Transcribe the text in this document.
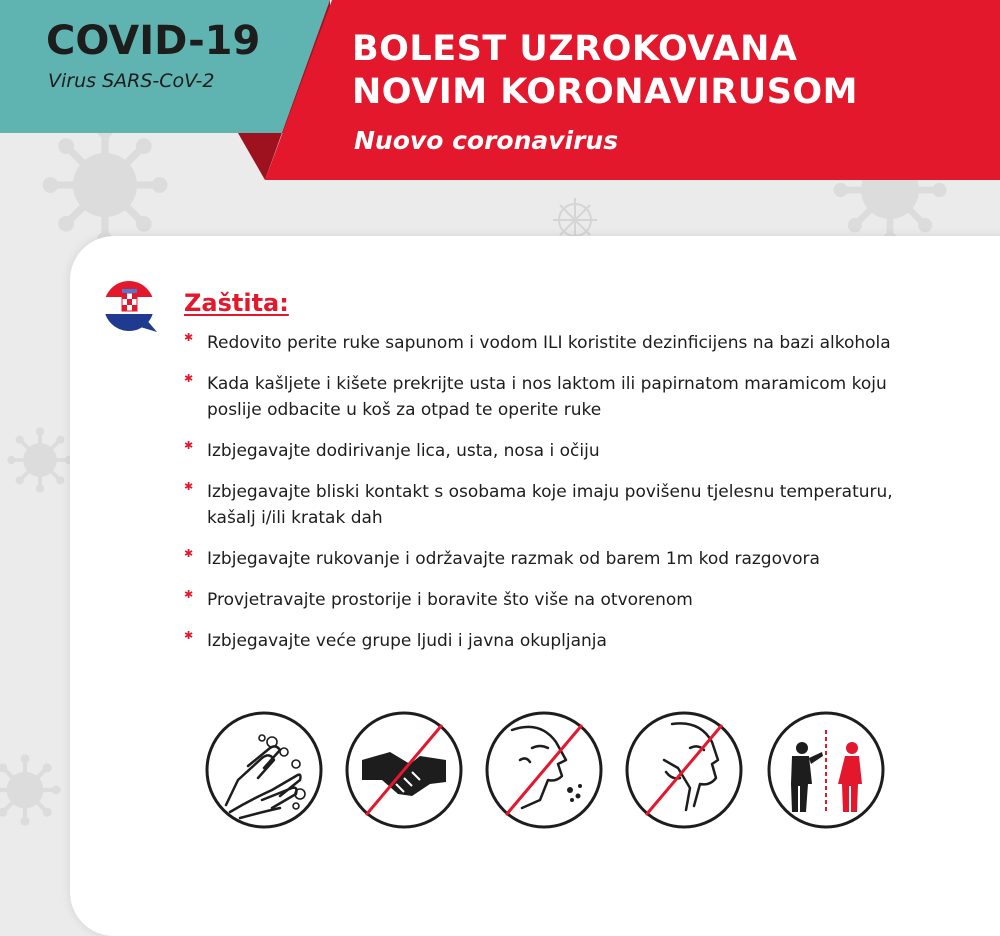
COVID-19
Virus SARS-CoV-2
BOLEST UZROKOVANA
NOVIM KORONAVIRUSOM
Nuovo coronavirus
Zaštita:
✱ Redovito perite ruke sapunom i vodom ILI koristite dezinficijens na bazi alkohola
✱ Kada kašljete i kišete prekrijte usta i nos laktom ili papirnatom maramicom koju
poslije odbacite u koš za otpad te operite ruke
✱ Izbjegavajte dodirivanje lica, usta, nosa i očiju
✱ Izbjegavajte bliski kontakt s osobama koje imaju povišenu tjelesnu temperaturu,
kašalj i/ili kratak dah
✱ Izbjegavajte rukovanje i održavajte razmak od barem 1m kod razgovora
✱ Provjetravajte prostorije i boravite što više na otvorenom
✱ Izbjegavajte veće grupe ljudi i javna okupljanja
